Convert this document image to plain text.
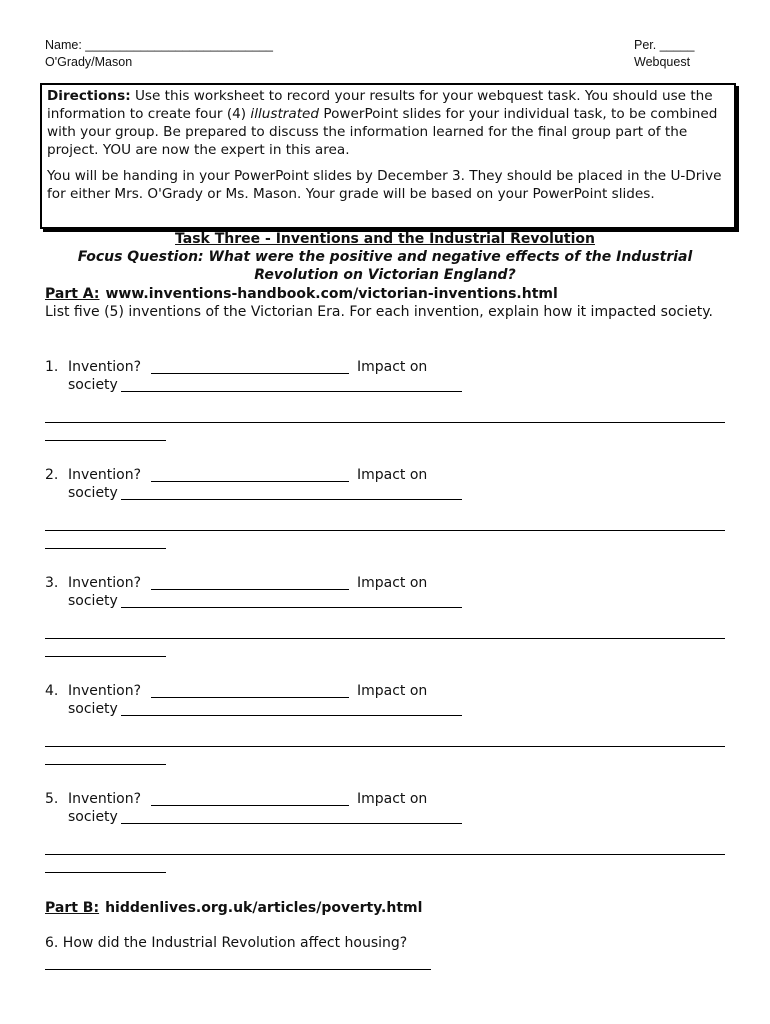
Name: ___________________________
O'Grady/Mason
Per. _____
Webquest

Directions: Use this worksheet to record your results for your webquest task. You should use the information to create four (4) illustrated PowerPoint slides for your individual task, to be combined with your group. Be prepared to discuss the information learned for the final group part of the project. YOU are now the expert in this area.

You will be handing in your PowerPoint slides by December 3. They should be placed in the U-Drive for either Mrs. O'Grady or Ms. Mason. Your grade will be based on your PowerPoint slides.

Task Three - Inventions and the Industrial Revolution
Focus Question: What were the positive and negative effects of the Industrial Revolution on Victorian England?
Part A: www.inventions-handbook.com/victorian-inventions.html
List five (5) inventions of the Victorian Era. For each invention, explain how it impacted society.
1. Invention?	Impact on
society
2. Invention?	Impact on
society
3. Invention?	Impact on
society
4. Invention?	Impact on
society
5. Invention?	Impact on
society
Part B: hiddenlives.org.uk/articles/poverty.html
6. How did the Industrial Revolution affect housing?
